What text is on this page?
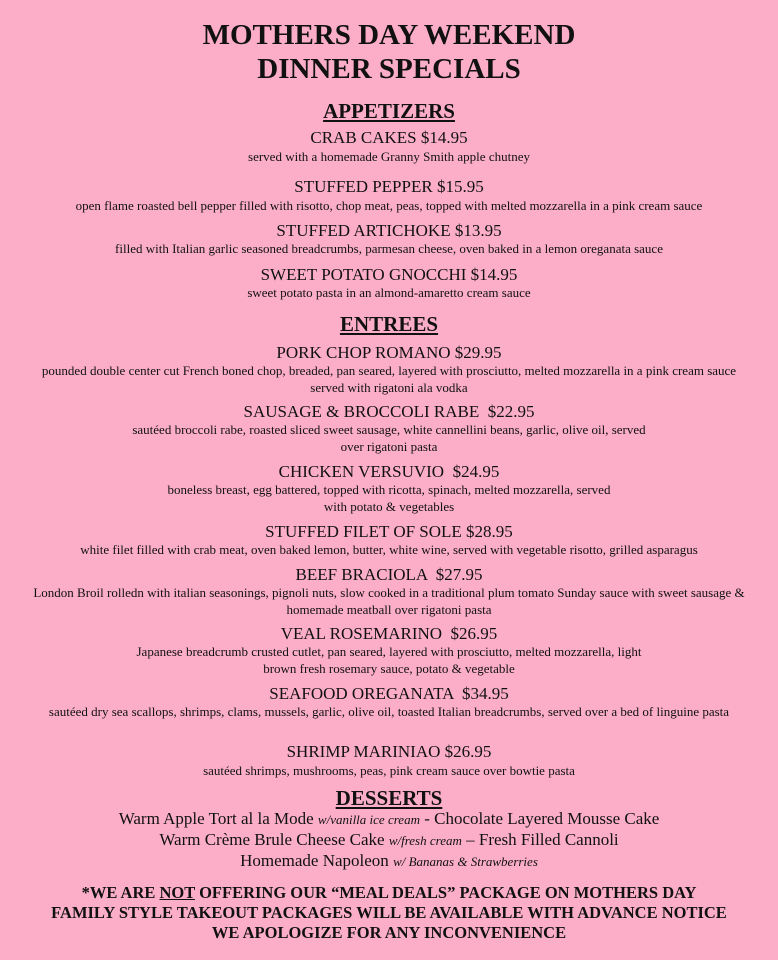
MOTHERS DAY WEEKEND
DINNER SPECIALS
APPETIZERS
CRAB CAKES $14.95
served with a homemade Granny Smith apple chutney
STUFFED PEPPER $15.95
open flame roasted bell pepper filled with risotto, chop meat, peas, topped with melted mozzarella in a pink cream sauce
STUFFED ARTICHOKE $13.95
filled with Italian garlic seasoned breadcrumbs, parmesan cheese, oven baked in a lemon oreganata sauce
SWEET POTATO GNOCCHI $14.95
sweet potato pasta in an almond-amaretto cream sauce
ENTREES
PORK CHOP ROMANO $29.95
pounded double center cut French boned chop, breaded, pan seared, layered with prosciutto, melted mozzarella in a pink cream sauce served with rigatoni ala vodka
SAUSAGE & BROCCOLI RABE  $22.95
sautéed broccoli rabe, roasted sliced sweet sausage, white cannellini beans, garlic, olive oil, served over rigatoni pasta
CHICKEN VERSUVIO  $24.95
boneless breast, egg battered, topped with ricotta, spinach, melted mozzarella, served with potato & vegetables
STUFFED FILET OF SOLE $28.95
white filet filled with crab meat, oven baked lemon, butter, white wine, served with vegetable risotto, grilled asparagus
BEEF BRACIOLA  $27.95
London Broil rolledn with italian seasonings, pignoli nuts, slow cooked in a traditional plum tomato Sunday sauce with sweet sausage & homemade meatball over rigatoni pasta
VEAL ROSEMARINO  $26.95
Japanese breadcrumb crusted cutlet, pan seared, layered with prosciutto, melted mozzarella, light brown fresh rosemary sauce, potato & vegetable
SEAFOOD OREGANATA  $34.95
sautéed dry sea scallops, shrimps, clams, mussels, garlic, olive oil, toasted Italian breadcrumbs, served over a bed of linguine pasta
SHRIMP MARINIAO $26.95
sautéed shrimps, mushrooms, peas, pink cream sauce over bowtie pasta
DESSERTS
Warm Apple Tort al la Mode w/vanilla ice cream - Chocolate Layered Mousse Cake
Warm Crème Brule Cheese Cake w/fresh cream – Fresh Filled Cannoli
Homemade Napoleon w/ Bananas & Strawberries
*WE ARE NOT OFFERING OUR “MEAL DEALS” PACKAGE ON MOTHERS DAY
FAMILY STYLE TAKEOUT PACKAGES WILL BE AVAILABLE WITH ADVANCE NOTICE
WE APOLOGIZE FOR ANY INCONVENIENCE
